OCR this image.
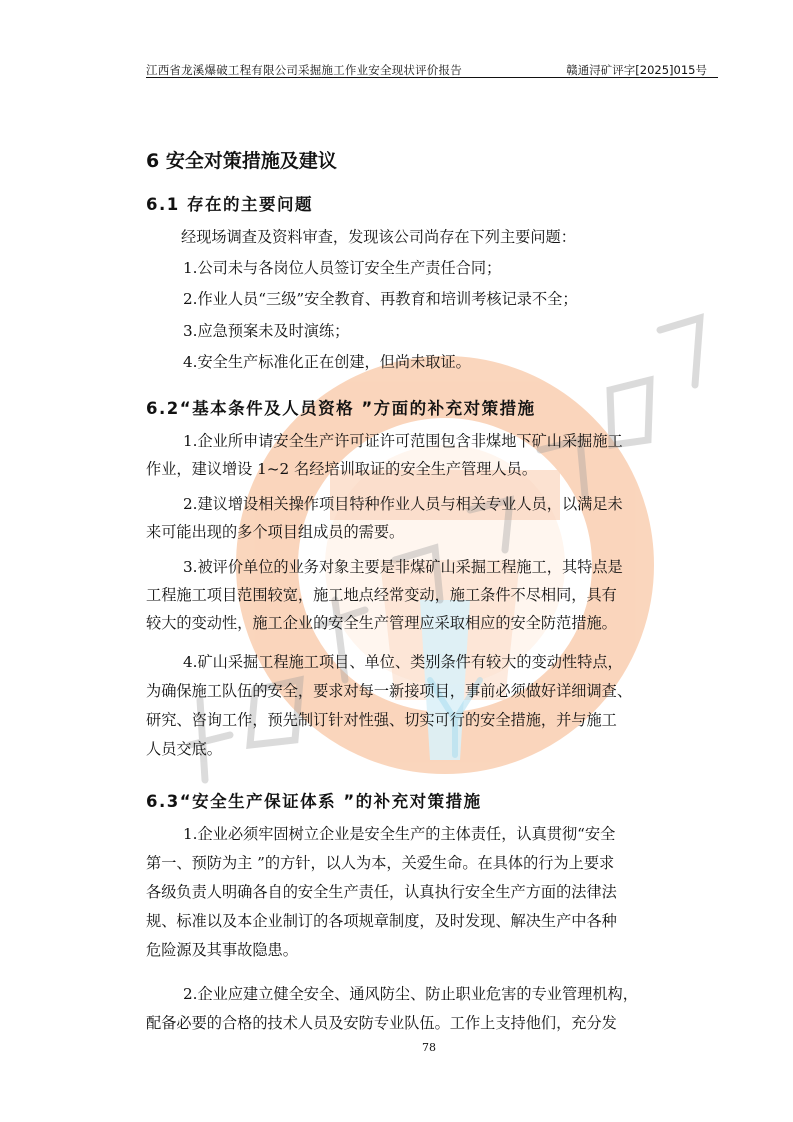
江西省龙溪爆破工程有限公司采掘施工作业安全现状评价报告	赣通浔矿评字[2025]015号
6 安全对策措施及建议
6.1 存在的主要问题
经现场调查及资料审查，发现该公司尚存在下列主要问题：
1.公司未与各岗位人员签订安全生产责任合同；
2.作业人员“三级”安全教育、再教育和培训考核记录不全；
3.应急预案未及时演练；
4.安全生产标准化正在创建，但尚未取证。
6.2“基本条件及人员资格 ”方面的补充对策措施
1.企业所申请安全生产许可证许可范围包含非煤地下矿山采掘施工
作业，建议增设 1~2 名经培训取证的安全生产管理人员。
2.建议增设相关操作项目特种作业人员与相关专业人员，以满足未
来可能出现的多个项目组成员的需要。
3.被评价单位的业务对象主要是非煤矿山采掘工程施工，其特点是
工程施工项目范围较宽，施工地点经常变动，施工条件不尽相同，具有
较大的变动性，施工企业的安全生产管理应采取相应的安全防范措施。
4.矿山采掘工程施工项目、单位、类别条件有较大的变动性特点，
为确保施工队伍的安全，要求对每一新接项目，事前必须做好详细调查、
研究、咨询工作，预先制订针对性强、切实可行的安全措施，并与施工
人员交底。
6.3“安全生产保证体系 ”的补充对策措施
1.企业必须牢固树立企业是安全生产的主体责任，认真贯彻“安全
第一、预防为主 ”的方针，以人为本，关爱生命。在具体的行为上要求
各级负责人明确各自的安全生产责任，认真执行安全生产方面的法律法
规、标准以及本企业制订的各项规章制度，及时发现、解决生产中各种
危险源及其事故隐患。
2.企业应建立健全安全、通风防尘、防止职业危害的专业管理机构，
配备必要的合格的技术人员及安防专业队伍。工作上支持他们，充分发
78
